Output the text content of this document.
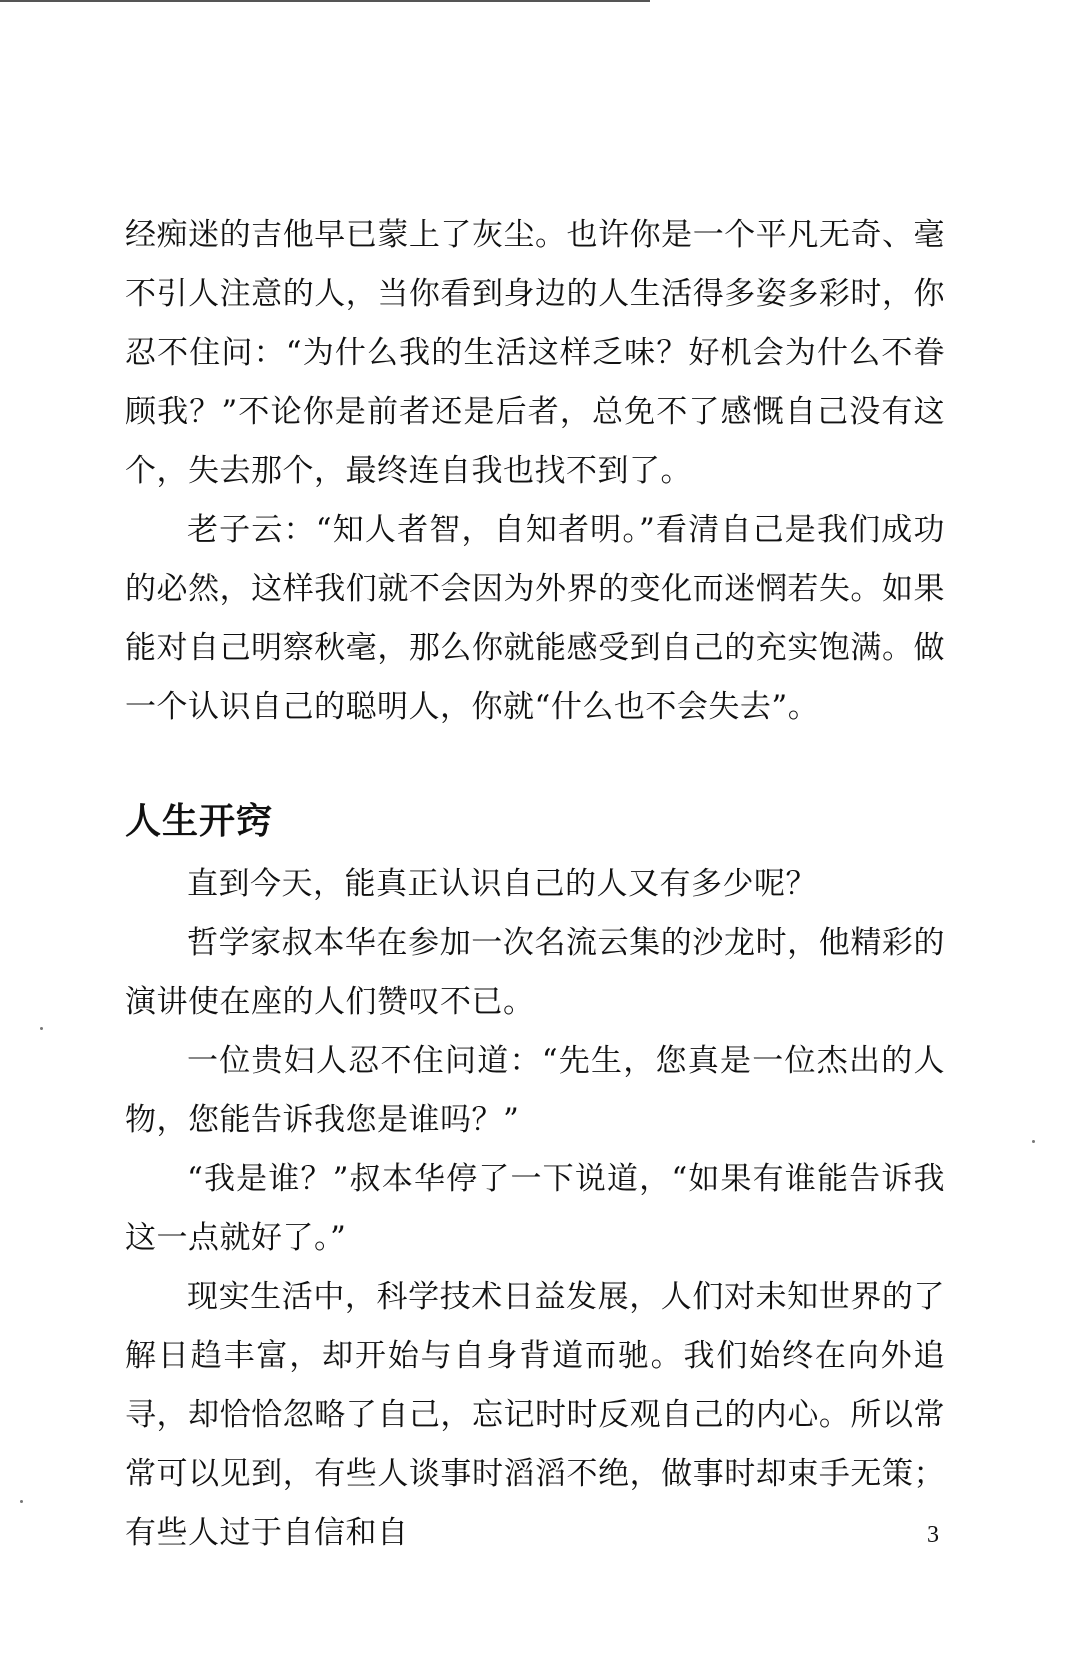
经痴迷的吉他早已蒙上了灰尘。也许你是一个平凡无奇、毫不引人注意的人，当你看到身边的人生活得多姿多彩时，你忍不住问：“为什么我的生活这样乏味？好机会为什么不眷顾我？”不论你是前者还是后者，总免不了感慨自己没有这个，失去那个，最终连自我也找不到了。

老子云：“知人者智，自知者明。”看清自己是我们成功的必然，这样我们就不会因为外界的变化而迷惘若失。如果能对自己明察秋毫，那么你就能感受到自己的充实饱满。做一个认识自己的聪明人，你就“什么也不会失去”。

人生开窍

直到今天，能真正认识自己的人又有多少呢？

哲学家叔本华在参加一次名流云集的沙龙时，他精彩的演讲使在座的人们赞叹不已。

一位贵妇人忍不住问道：“先生，您真是一位杰出的人物，您能告诉我您是谁吗？”

“我是谁？”叔本华停了一下说道，“如果有谁能告诉我这一点就好了。”

现实生活中，科学技术日益发展，人们对未知世界的了解日趋丰富，却开始与自身背道而驰。我们始终在向外追寻，却恰恰忽略了自己，忘记时时反观自己的内心。所以常常可以见到，有些人谈事时滔滔不绝，做事时却束手无策；有些人过于自信和自	3
